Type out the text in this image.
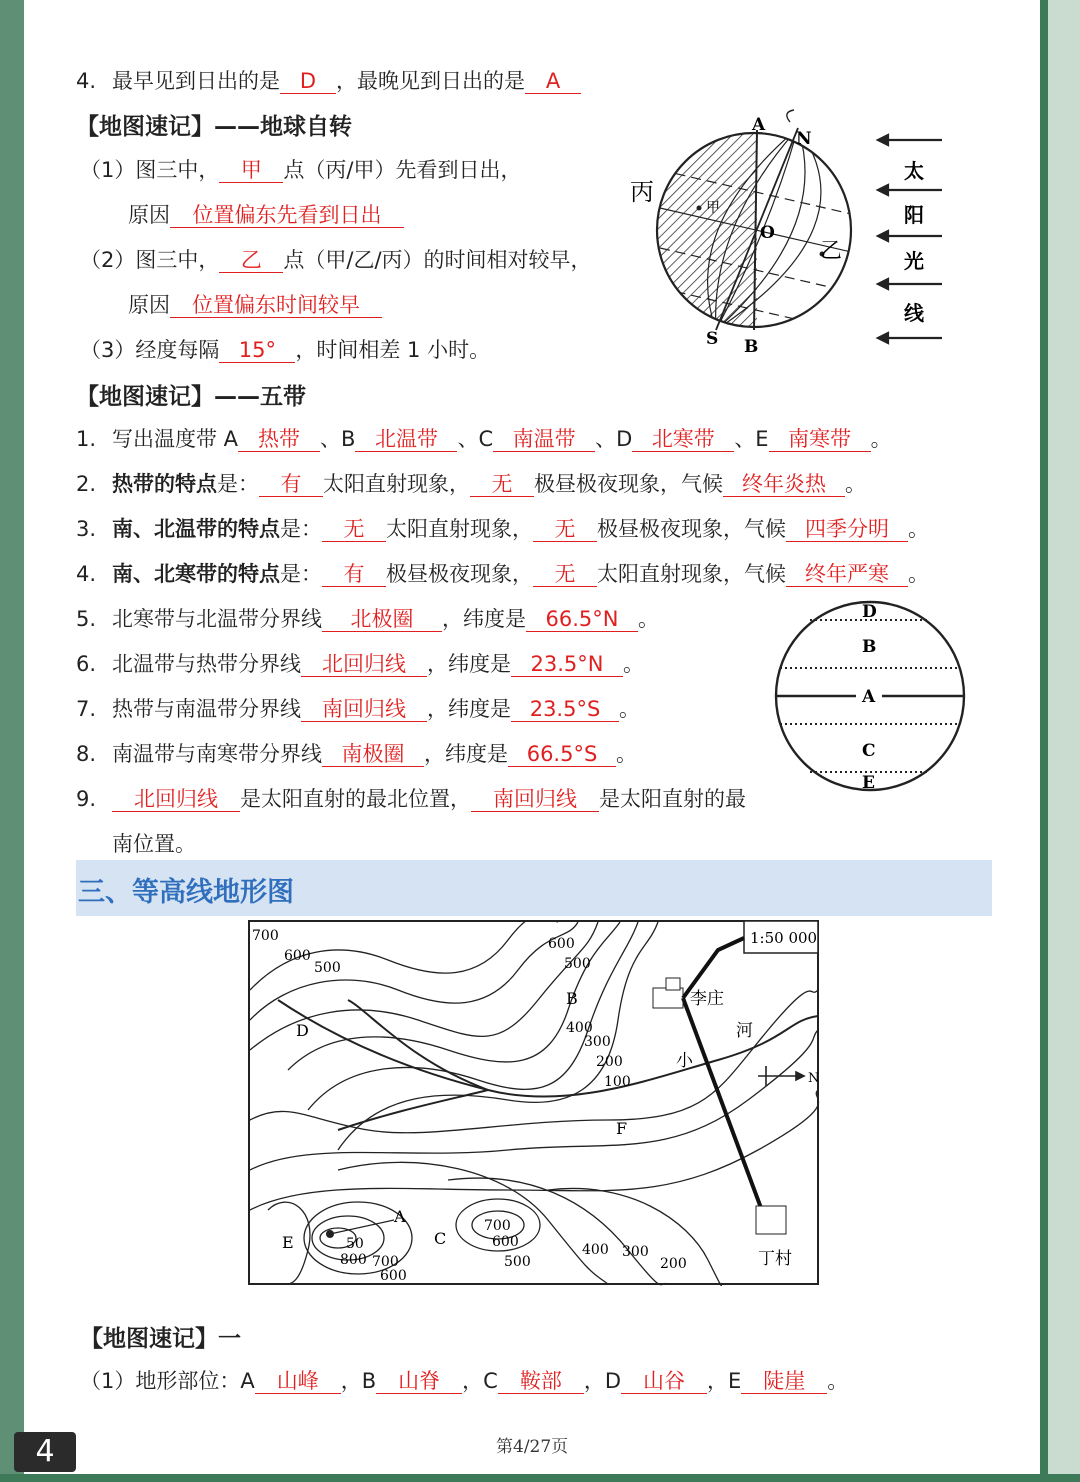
4. 最早见到日出的是 D ，最晚见到日出的是 A
【地图速记】——地球自转
（1）图三中， 甲 点（丙/甲）先看到日出，
原因 位置偏东先看到日出
（2）图三中， 乙 点（甲/乙/丙）的时间相对较早，
原因 位置偏东时间较早
（3）经度每隔 15° ，时间相差 1 小时。
A
N
丙
甲
O
乙
S B
太
阳
光
线
【地图速记】——五带
1. 写出温度带 A 热带 、B 北温带 、C 南温带 、D 北寒带 、E 南寒带 。
2. 热带的特点是： 有 太阳直射现象， 无 极昼极夜现象，气候 终年炎热 。
3. 南、北温带的特点是： 无 太阳直射现象， 无 极昼极夜现象，气候 四季分明 。
4. 南、北寒带的特点是： 有 极昼极夜现象， 无 太阳直射现象，气候 终年严寒 。
5. 北寒带与北温带分界线 北极圈 ，纬度是 66.5°N 。
6. 北温带与热带分界线 北回归线 ，纬度是 23.5°N 。
7. 热带与南温带分界线 南回归线 ，纬度是 23.5°S 。
8. 南温带与南寒带分界线 南极圈 ，纬度是 66.5°S 。
9. 北回归线 是太阳直射的最北位置， 南回归线 是太阳直射的最
南位置。
D
B
A
C
E
三、等高线地形图
1:50 000
N
李庄
丁村
河
小
B
D
F
C
A
E
700
600
500
600
500
400
300
200
100
700
600
500
400 300
200
50
800 700
600
【地图速记】一
（1）地形部位：A 山峰 ，B 山脊 ，C 鞍部 ，D 山谷 ，E 陡崖 。
第4/27页
4
